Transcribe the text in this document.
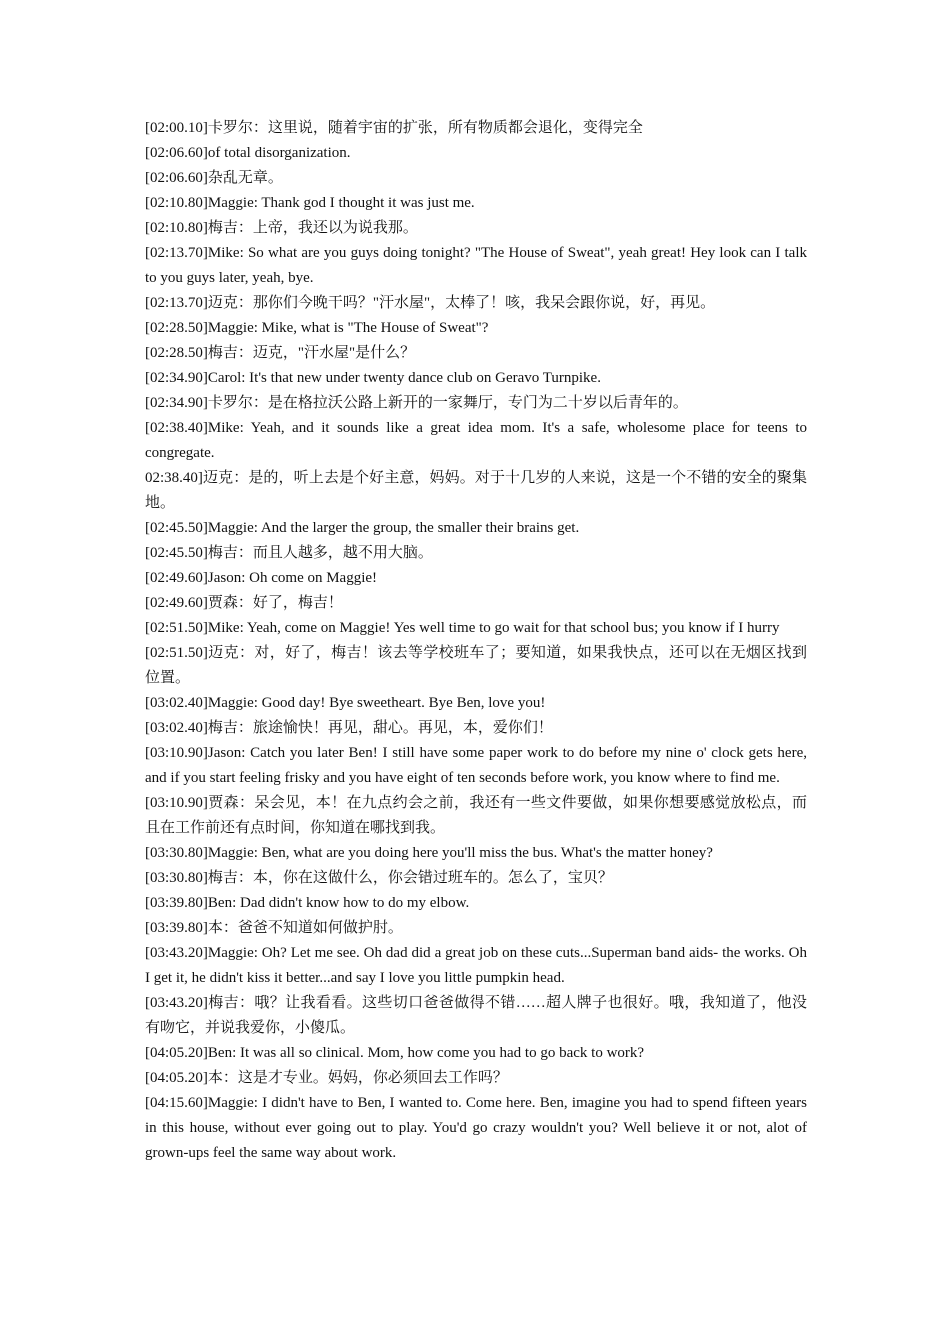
[02:00.10]卡罗尔：这里说，随着宇宙的扩张，所有物质都会退化，变得完全

[02:06.60]of total disorganization.

[02:06.60]杂乱无章。

[02:10.80]Maggie: Thank god I thought it was just me.

[02:10.80]梅吉：上帝，我还以为说我那。

[02:13.70]Mike: So what are you guys doing tonight? "The House of Sweat", yeah great! Hey look can I talk to you guys later, yeah, bye.

[02:13.70]迈克：那你们今晚干吗？"汗水屋"，太棒了！咳，我呆会跟你说，好，再见。

[02:28.50]Maggie: Mike, what is "The House of Sweat"?

[02:28.50]梅吉：迈克，"汗水屋"是什么？

[02:34.90]Carol: It's that new under twenty dance club on Geravo Turnpike.

[02:34.90]卡罗尔：是在格拉沃公路上新开的一家舞厅，专门为二十岁以后青年的。

[02:38.40]Mike: Yeah, and it sounds like a great idea mom. It's a safe, wholesome place for teens to congregate.

02:38.40]迈克：是的，听上去是个好主意，妈妈。对于十几岁的人来说，这是一个不错的安全的聚集地。

[02:45.50]Maggie: And the larger the group, the smaller their brains get.

[02:45.50]梅吉：而且人越多，越不用大脑。

[02:49.60]Jason: Oh come on Maggie!

[02:49.60]贾森：好了，梅吉！

[02:51.50]Mike: Yeah, come on Maggie! Yes well time to go wait for that school bus; you know if I hurry

[02:51.50]迈克：对，好了，梅吉！该去等学校班车了；要知道，如果我快点，还可以在无烟区找到位置。

[03:02.40]Maggie: Good day! Bye sweetheart. Bye Ben, love you!

[03:02.40]梅吉：旅途愉快！再见，甜心。再见，本，爱你们！

[03:10.90]Jason: Catch you later Ben! I still have some paper work to do before my nine o' clock gets here, and if you start feeling frisky and you have eight of ten seconds before work, you know where to find me.

[03:10.90]贾森：呆会见，本！在九点约会之前，我还有一些文件要做，如果你想要感觉放松点，而且在工作前还有点时间，你知道在哪找到我。

[03:30.80]Maggie: Ben, what are you doing here you'll miss the bus. What's the matter honey?

[03:30.80]梅吉：本，你在这做什么，你会错过班车的。怎么了，宝贝？

[03:39.80]Ben: Dad didn't know how to do my elbow.

[03:39.80]本：爸爸不知道如何做护肘。

[03:43.20]Maggie: Oh? Let me see. Oh dad did a great job on these cuts...Superman band aids- the works. Oh I get it, he didn't kiss it better...and say I love you little pumpkin head.

[03:43.20]梅吉：哦？让我看看。这些切口爸爸做得不错……超人牌子也很好。哦，我知道了，他没有吻它，并说我爱你，小傻瓜。

[04:05.20]Ben: It was all so clinical. Mom, how come you had to go back to work?

[04:05.20]本：这是才专业。妈妈，你必须回去工作吗？

[04:15.60]Maggie: I didn't have to Ben, I wanted to. Come here. Ben, imagine you had to spend fifteen years in this house, without ever going out to play. You'd go crazy wouldn't you? Well believe it or not, alot of grown-ups feel the same way about work.
